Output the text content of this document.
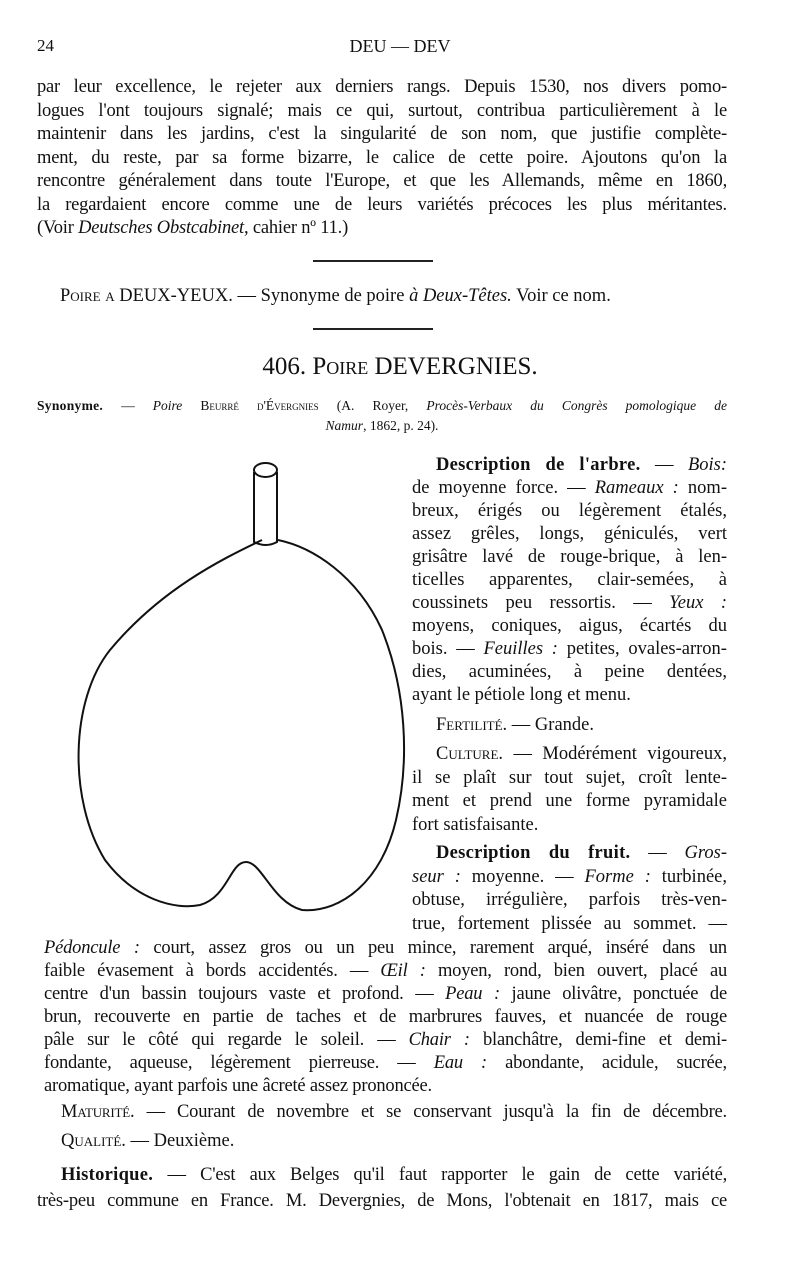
24	DEU — DEV
par leur excellence, le rejeter aux derniers rangs. Depuis 1530, nos divers pomo-
logues l'ont toujours signalé; mais ce qui, surtout, contribua particulièrement à le
maintenir dans les jardins, c'est la singularité de son nom, que justifie complète-
ment, du reste, par sa forme bizarre, le calice de cette poire. Ajoutons qu'on la
rencontre généralement dans toute l'Europe, et que les Allemands, même en 1860,
la regardaient encore comme une de leurs variétés précoces les plus méritantes.
(Voir Deutsches Obstcabinet, cahier nº 11.)
Poire a DEUX-YEUX. — Synonyme de poire à Deux-Têtes. Voir ce nom.
406. Poire DEVERGNIES.
Synonyme. — Poire Beurré d'Évergnies (A. Royer, Procès-Verbaux du Congrès pomologique de
Namur, 1862, p. 24).
Description de l'arbre. — Bois:
de moyenne force. — Rameaux : nom-
breux, érigés ou légèrement étalés,
assez grêles, longs, géniculés, vert
grisâtre lavé de rouge-brique, à len-
ticelles apparentes, clair-semées, à
coussinets peu ressortis. — Yeux :
moyens, coniques, aigus, écartés du
bois. — Feuilles : petites, ovales-arron-
dies, acuminées, à peine dentées,
ayant le pétiole long et menu.
Fertilité. — Grande.
Culture. — Modérément vigoureux,
il se plaît sur tout sujet, croît lente-
ment et prend une forme pyramidale
fort satisfaisante.
Description du fruit. — Gros-
seur : moyenne. — Forme : turbinée,
obtuse, irrégulière, parfois très-ven-
true, fortement plissée au sommet. —
Pédoncule : court, assez gros ou un peu mince, rarement arqué, inséré dans un
faible évasement à bords accidentés. — Œil : moyen, rond, bien ouvert, placé au
centre d'un bassin toujours vaste et profond. — Peau : jaune olivâtre, ponctuée de
brun, recouverte en partie de taches et de marbrures fauves, et nuancée de rouge
pâle sur le côté qui regarde le soleil. — Chair : blanchâtre, demi-fine et demi-
fondante, aqueuse, légèrement pierreuse. — Eau : abondante, acidule, sucrée,
aromatique, ayant parfois une âcreté assez prononcée.
Maturité. — Courant de novembre et se conservant jusqu'à la fin de décembre.
Qualité. — Deuxième.
Historique. — C'est aux Belges qu'il faut rapporter le gain de cette variété,
très-peu commune en France. M. Devergnies, de Mons, l'obtenait en 1817, mais ce
